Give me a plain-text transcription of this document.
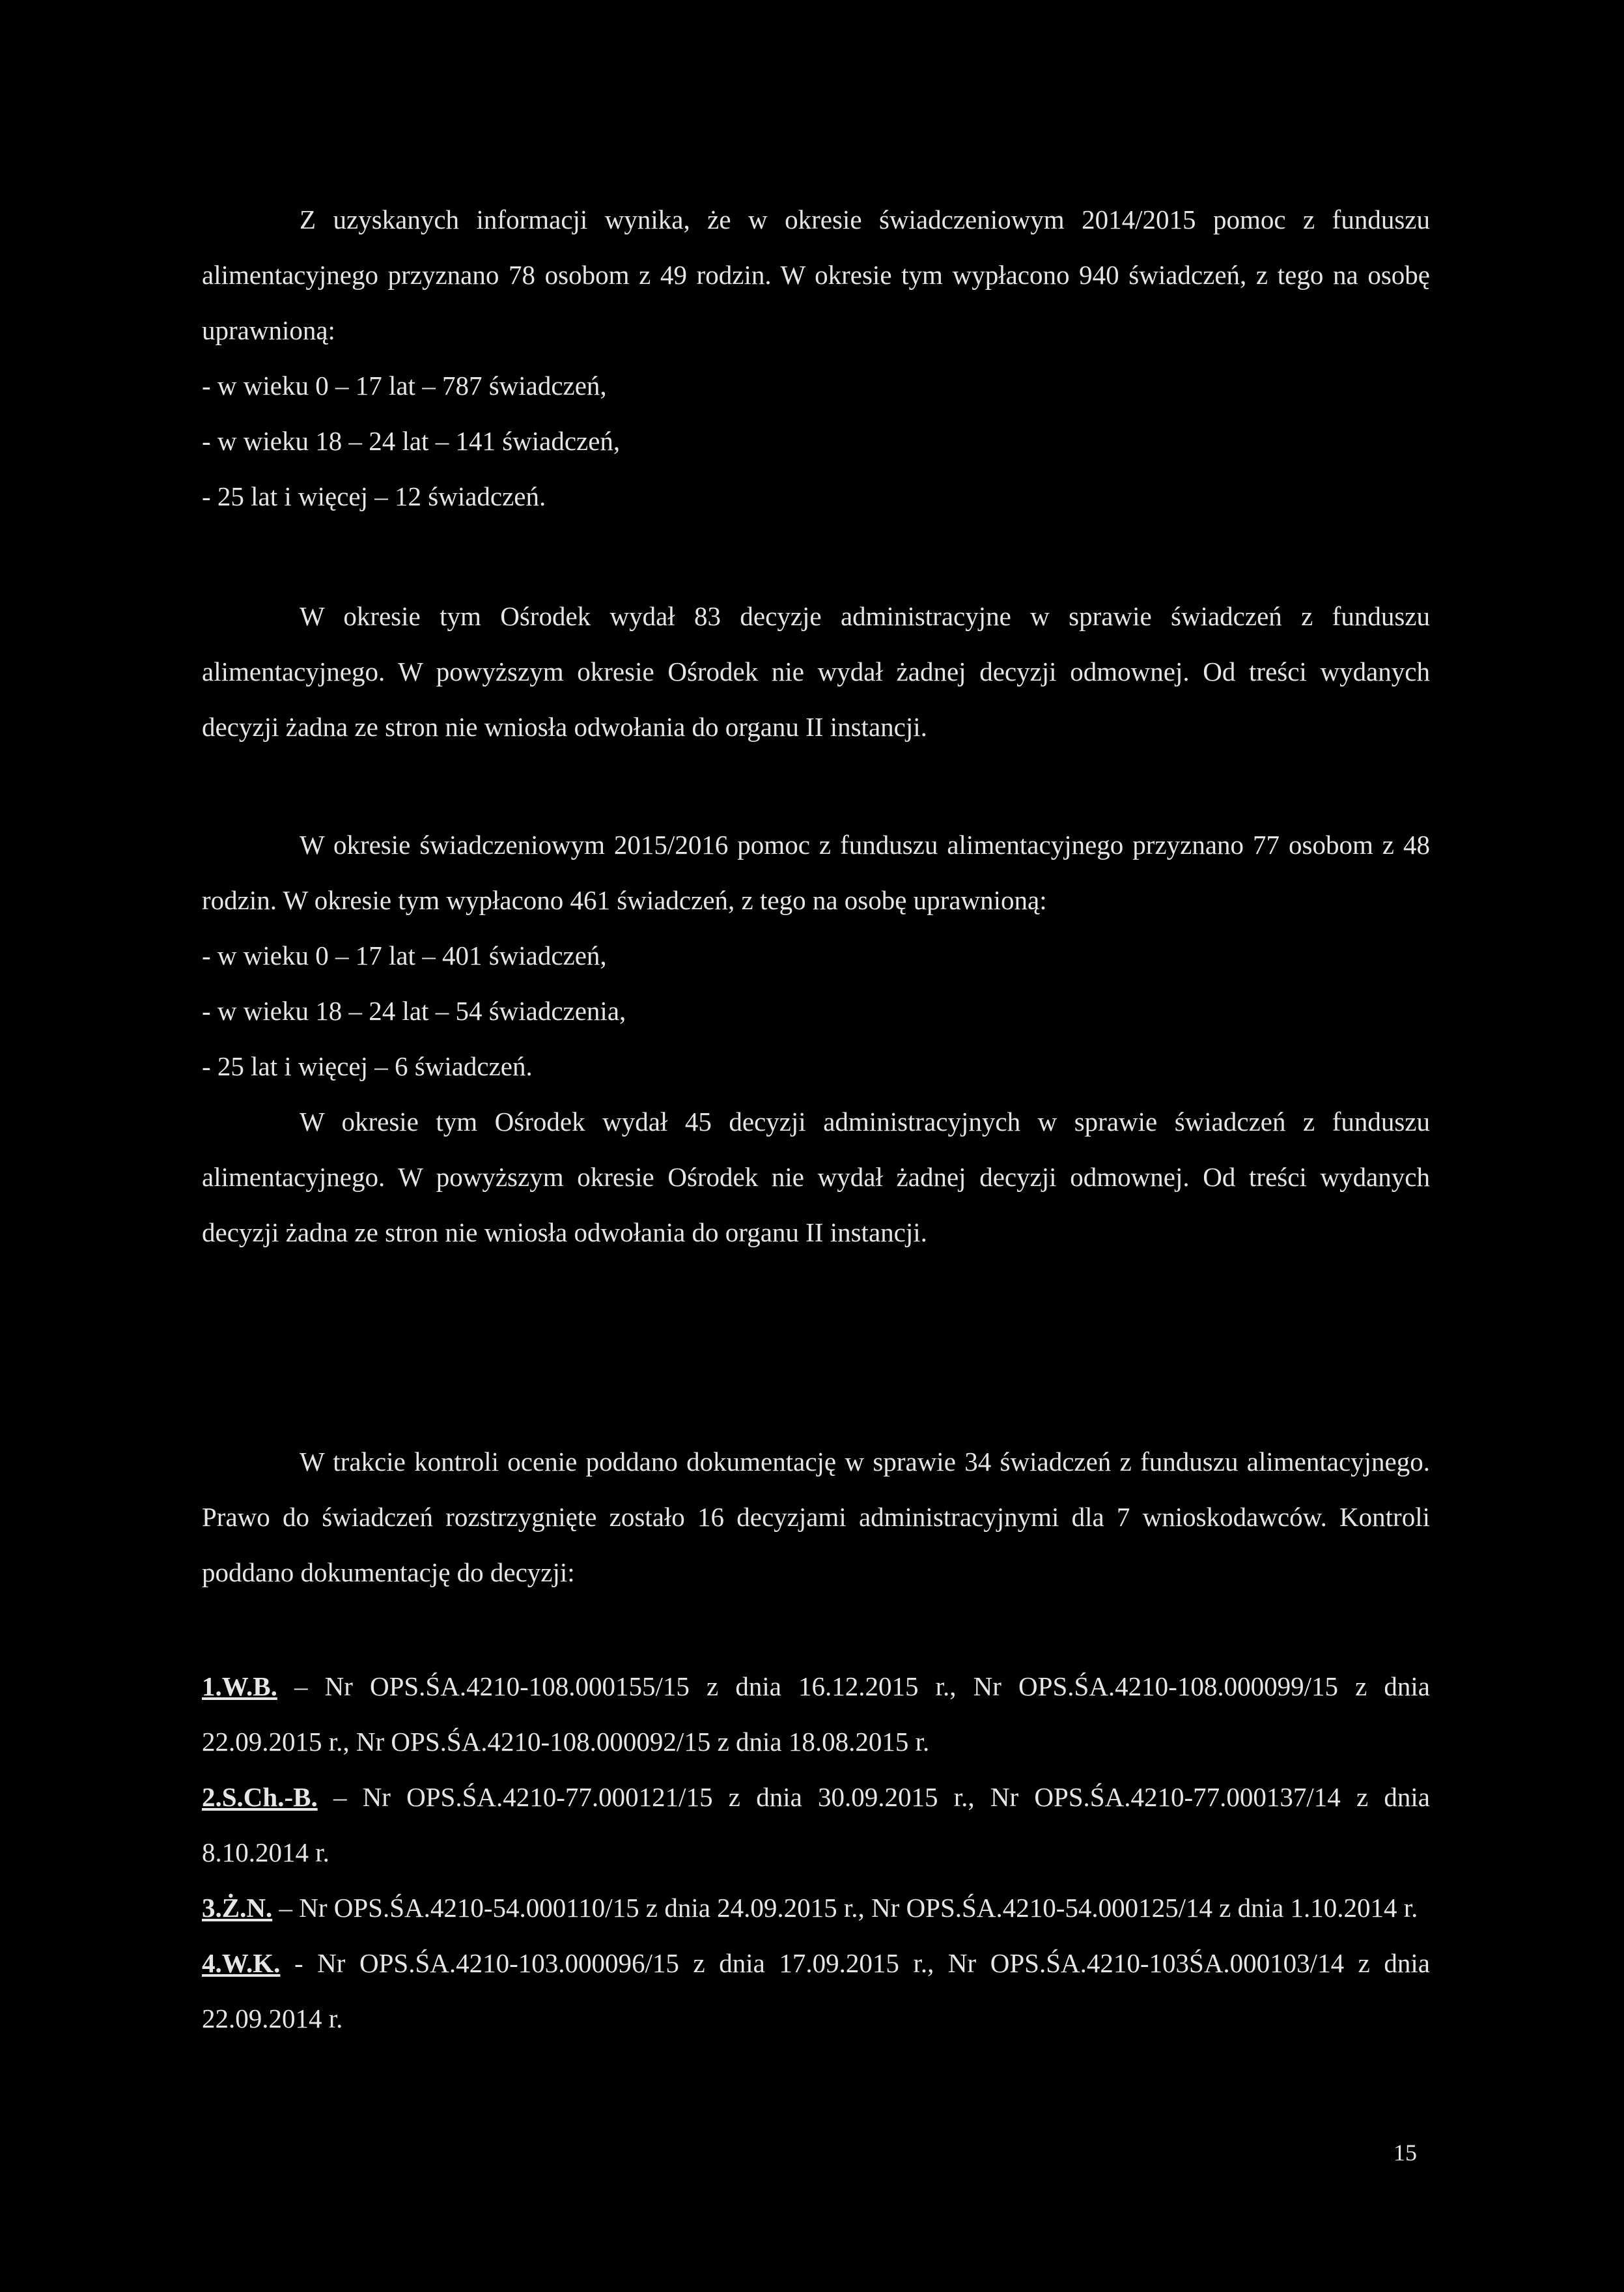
Z uzyskanych informacji wynika, że w okresie świadczeniowym 2014/2015 pomoc z funduszu alimentacyjnego przyznano 78 osobom z 49 rodzin. W okresie tym wypłacono 940 świadczeń, z tego na osobę uprawnioną:

- w wieku 0 – 17 lat – 787 świadczeń,

- w wieku 18 – 24 lat – 141 świadczeń,

- 25 lat i więcej – 12 świadczeń.

W okresie tym Ośrodek wydał 83 decyzje administracyjne w sprawie świadczeń z funduszu alimentacyjnego. W powyższym okresie Ośrodek nie wydał żadnej decyzji odmownej. Od treści wydanych decyzji żadna ze stron nie wniosła odwołania do organu II instancji.

W okresie świadczeniowym 2015/2016 pomoc z funduszu alimentacyjnego przyznano 77 osobom z 48 rodzin. W okresie tym wypłacono 461 świadczeń, z tego na osobę uprawnioną:

- w wieku 0 – 17 lat – 401 świadczeń,

- w wieku 18 – 24 lat – 54 świadczenia,

- 25 lat i więcej – 6 świadczeń.

W okresie tym Ośrodek wydał 45 decyzji administracyjnych w sprawie świadczeń z funduszu alimentacyjnego. W powyższym okresie Ośrodek nie wydał żadnej decyzji odmownej. Od treści wydanych decyzji żadna ze stron nie wniosła odwołania do organu II instancji.

W trakcie kontroli ocenie poddano dokumentację w sprawie 34 świadczeń z funduszu alimentacyjnego. Prawo do świadczeń rozstrzygnięte zostało 16 decyzjami administracyjnymi dla 7 wnioskodawców. Kontroli poddano dokumentację do decyzji:

1.W.B. – Nr OPS.ŚA.4210-108.000155/15 z dnia 16.12.2015 r., Nr OPS.ŚA.4210-108.000099/15 z dnia 22.09.2015 r., Nr OPS.ŚA.4210-108.000092/15 z dnia 18.08.2015 r.

2.S.Ch.-B. – Nr OPS.ŚA.4210-77.000121/15 z dnia 30.09.2015 r., Nr OPS.ŚA.4210-77.000137/14 z dnia 8.10.2014 r.

3.Ż.N. – Nr OPS.ŚA.4210-54.000110/15 z dnia 24.09.2015 r., Nr OPS.ŚA.4210-54.000125/14 z dnia 1.10.2014 r.

4.W.K. - Nr OPS.ŚA.4210-103.000096/15 z dnia 17.09.2015 r., Nr OPS.ŚA.4210-103ŚA.000103/14 z dnia 22.09.2014 r.

15
